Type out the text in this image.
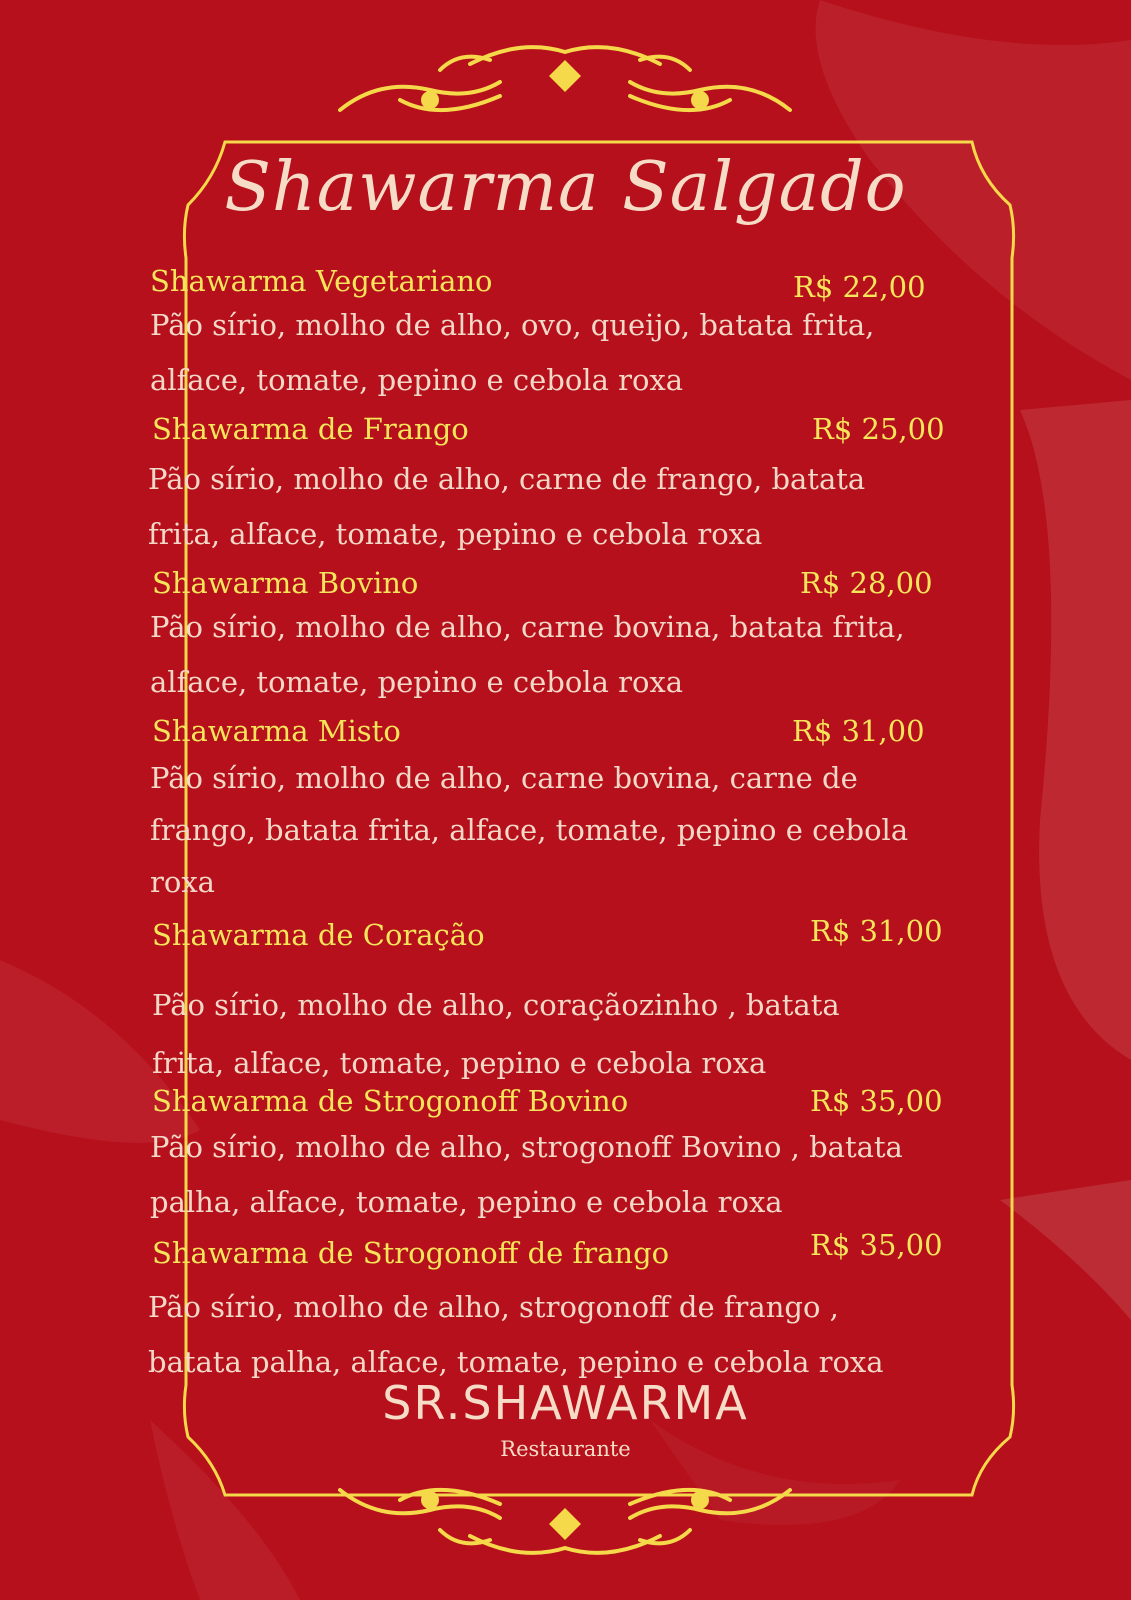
Shawarma Salgado
Shawarma Vegetariano	R$ 22,00
Pão sírio, molho de alho, ovo, queijo, batata frita,
alface, tomate, pepino e cebola roxa
Shawarma de Frango	R$ 25,00
Pão sírio, molho de alho, carne de frango, batata
frita, alface, tomate, pepino e cebola roxa
Shawarma Bovino	R$ 28,00
Pão sírio, molho de alho, carne bovina, batata frita,
alface, tomate, pepino e cebola roxa
Shawarma Misto	R$ 31,00
Pão sírio, molho de alho, carne bovina, carne de
frango, batata frita, alface, tomate, pepino e cebola
roxa
Shawarma de Coração	R$ 31,00
Pão sírio, molho de alho, coraçãozinho , batata
frita, alface, tomate, pepino e cebola roxa
Shawarma de Strogonoff Bovino	R$ 35,00
Pão sírio, molho de alho, strogonoff Bovino , batata
palha, alface, tomate, pepino e cebola roxa
Shawarma de Strogonoff de frango	R$ 35,00
Pão sírio, molho de alho, strogonoff de frango ,
batata palha, alface, tomate, pepino e cebola roxa
SR.SHAWARMA
Restaurante
